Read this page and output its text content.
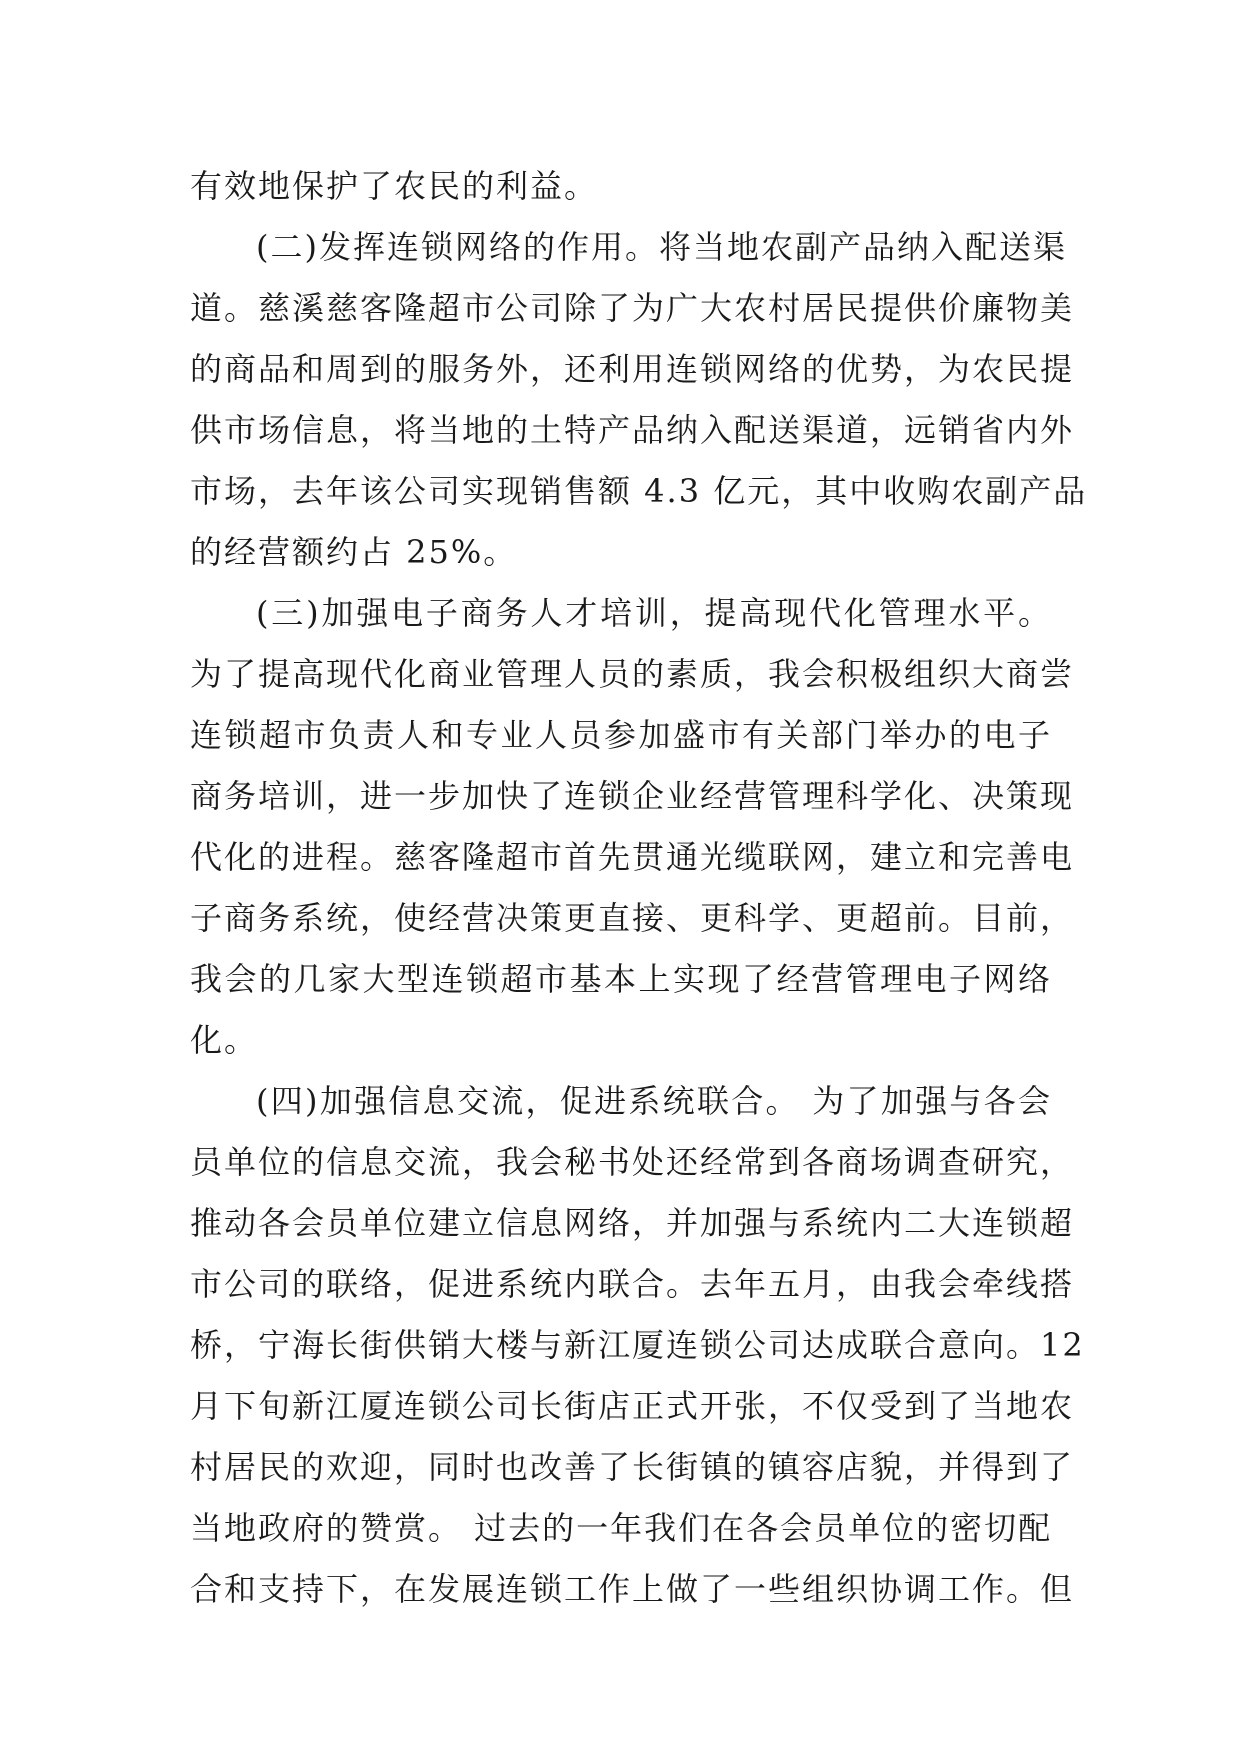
有效地保护了农民的利益。
(二)发挥连锁网络的作用。将当地农副产品纳入配送渠
道。慈溪慈客隆超市公司除了为广大农村居民提供价廉物美
的商品和周到的服务外，还利用连锁网络的优势，为农民提
供市场信息，将当地的土特产品纳入配送渠道，远销省内外
市场，去年该公司实现销售额 4.3 亿元，其中收购农副产品
的经营额约占 25%。
(三)加强电子商务人才培训，提高现代化管理水平。
为了提高现代化商业管理人员的素质，我会积极组织大商尝
连锁超市负责人和专业人员参加盛市有关部门举办的电子
商务培训，进一步加快了连锁企业经营管理科学化、决策现
代化的进程。慈客隆超市首先贯通光缆联网，建立和完善电
子商务系统，使经营决策更直接、更科学、更超前。目前，
我会的几家大型连锁超市基本上实现了经营管理电子网络
化。
(四)加强信息交流，促进系统联合。 为了加强与各会
员单位的信息交流，我会秘书处还经常到各商场调查研究，
推动各会员单位建立信息网络，并加强与系统内二大连锁超
市公司的联络，促进系统内联合。去年五月，由我会牵线搭
桥，宁海长街供销大楼与新江厦连锁公司达成联合意向。12
月下旬新江厦连锁公司长街店正式开张，不仅受到了当地农
村居民的欢迎，同时也改善了长街镇的镇容店貌，并得到了
当地政府的赞赏。 过去的一年我们在各会员单位的密切配
合和支持下，在发展连锁工作上做了一些组织协调工作。但
